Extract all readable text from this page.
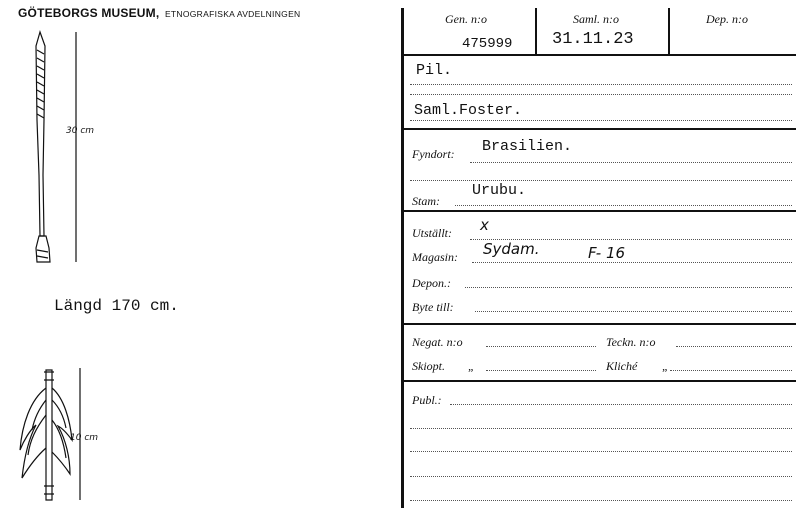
GÖTEBORGS MUSEUM, ETNOGRAFISKA AVDELNINGEN
30 cm
Längd 170 cm.
10 cm
Gen. n:o
475999
Saml. n:o
31.11.23
Dep. n:o
Pil.
Saml.Foster.
Fyndort: Brasilien.
Stam:
Urubu.
Utställt: x
Magasin: Sydam.	F- 16
Depon.:
Byte till:
Negat. n:o	Teckn. n:o
Skiopt. „	Kliché „
Publ.:
